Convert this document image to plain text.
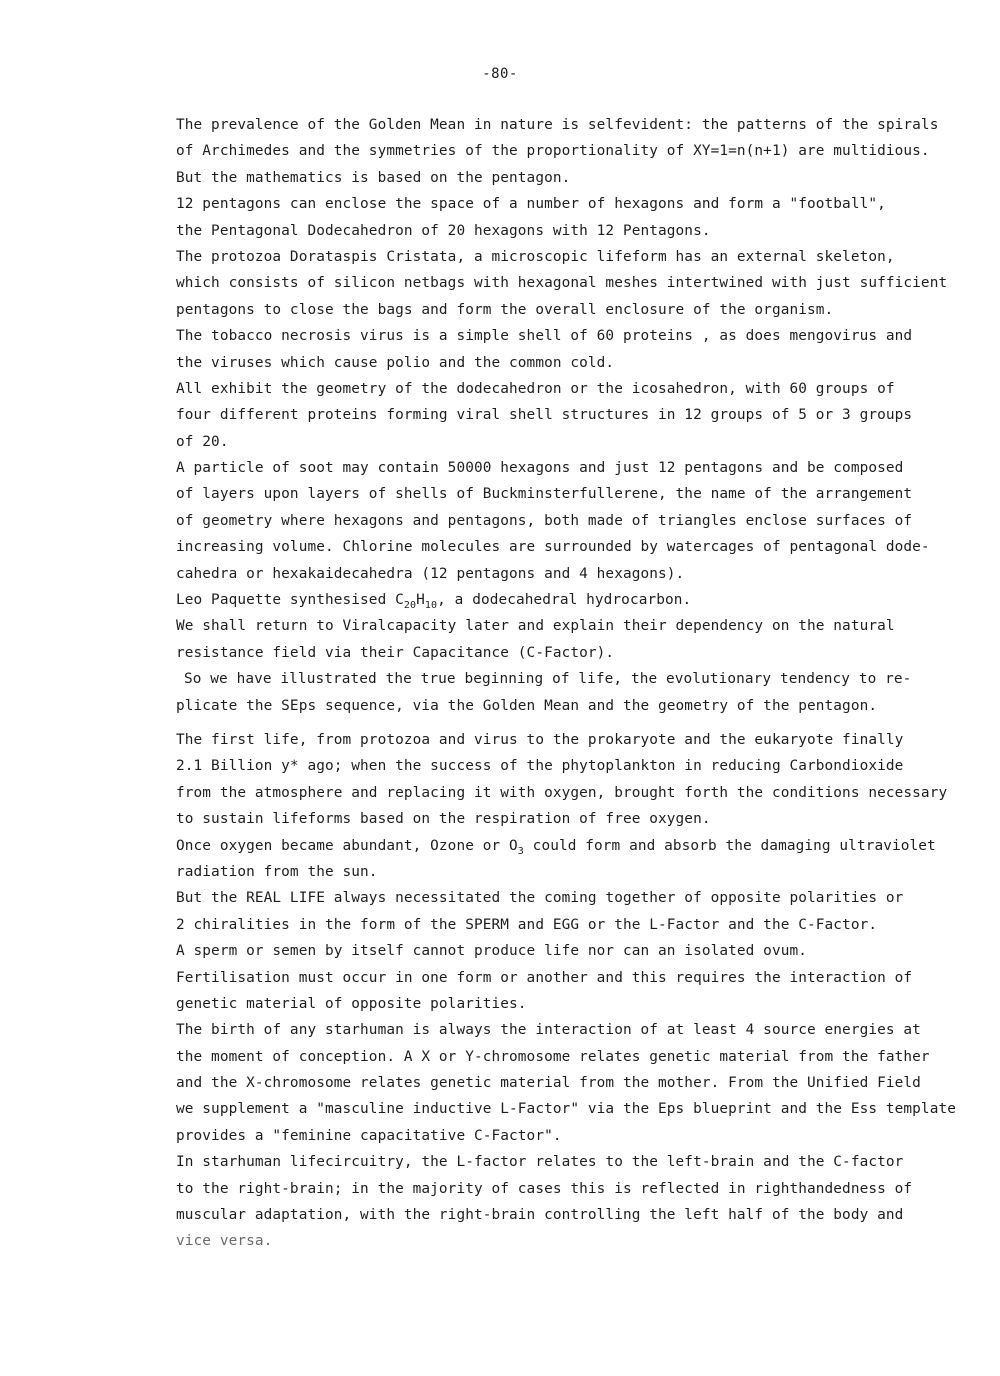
-80-
The prevalence of the Golden Mean in nature is selfevident: the patterns of the spirals
of Archimedes and the symmetries of the proportionality of XY=1=n(n+1) are multidious.
But the mathematics is based on the pentagon.
12 pentagons can enclose the space of a number of hexagons and form a "football",
the Pentagonal Dodecahedron of 20 hexagons with 12 Pentagons.
The protozoa Dorataspis Cristata, a microscopic lifeform has an external skeleton,
which consists of silicon netbags with hexagonal meshes intertwined with just sufficient
pentagons to close the bags and form the overall enclosure of the organism.
The tobacco necrosis virus is a simple shell of 60 proteins , as does mengovirus and
the viruses which cause polio and the common cold.
All exhibit the geometry of the dodecahedron or the icosahedron, with 60 groups of
four different proteins forming viral shell structures in 12 groups of 5 or 3 groups
of 20.
A particle of soot may contain 50000 hexagons and just 12 pentagons and be composed
of layers upon layers of shells of Buckminsterfullerene, the name of the arrangement
of geometry where hexagons and pentagons, both made of triangles enclose surfaces of
increasing volume. Chlorine molecules are surrounded by watercages of pentagonal dode-
cahedra or hexakaidecahedra (12 pentagons and 4 hexagons).
Leo Paquette synthesised $C_{20}H_{10}$, a dodecahedral hydrocarbon.
We shall return to Viralcapacity later and explain their dependency on the natural
resistance field via their Capacitance (C-Factor).
So we have illustrated the true beginning of life, the evolutionary tendency to re-
plicate the SEps sequence, via the Golden Mean and the geometry of the pentagon.
The first life, from protozoa and virus to the prokaryote and the eukaryote finally
2.1 Billion y* ago; when the success of the phytoplankton in reducing Carbondioxide
from the atmosphere and replacing it with oxygen, brought forth the conditions necessary
to sustain lifeforms based on the respiration of free oxygen.
Once oxygen became abundant, Ozone or $O_3$ could form and absorb the damaging ultraviolet
radiation from the sun.
But the REAL LIFE always necessitated the coming together of opposite polarities or
2 chiralities in the form of the SPERM and EGG or the L-Factor and the C-Factor.
A sperm or semen by itself cannot produce life nor can an isolated ovum.
Fertilisation must occur in one form or another and this requires the interaction of
genetic material of opposite polarities.
The birth of any starhuman is always the interaction of at least 4 source energies at
the moment of conception. A X or Y-chromosome relates genetic material from the father
and the X-chromosome relates genetic material from the mother. From the Unified Field
we supplement a "masculine inductive L-Factor" via the Eps blueprint and the Ess template
provides a "feminine capacitative C-Factor".
In starhuman lifecircuitry, the L-factor relates to the left-brain and the C-factor
to the right-brain; in the majority of cases this is reflected in righthandedness of
muscular adaptation, with the right-brain controlling the left half of the body and
vice versa.
